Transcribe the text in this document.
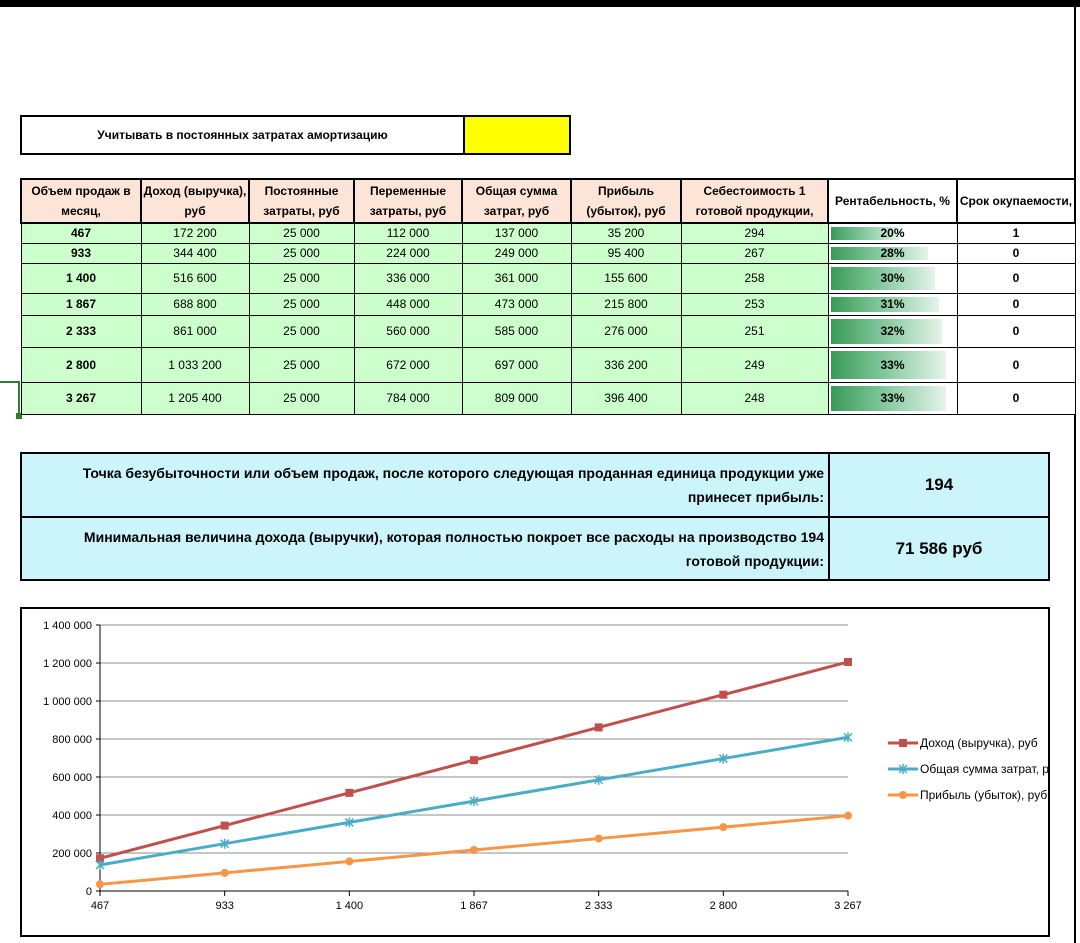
Учитывать в постоянных затратах амортизацию
Объем продаж в месяц,	Доход (выручка), руб	Постоянные затраты, руб	Переменные затраты, руб	Общая сумма затрат, руб	Прибыль (убыток), руб	Себестоимость 1 готовой продукции,	Рентабельность, %	Срок окупаемости,
467	172 200	25 000	112 000	137 000	35 200	294	20%	1
933	344 400	25 000	224 000	249 000	95 400	267	28%	0
1 400	516 600	25 000	336 000	361 000	155 600	258	30%	0
1 867	688 800	25 000	448 000	473 000	215 800	253	31%	0
2 333	861 000	25 000	560 000	585 000	276 000	251	32%	0
2 800	1 033 200	25 000	672 000	697 000	336 200	249	33%	0
3 267	1 205 400	25 000	784 000	809 000	396 400	248	33%	0
Точка безубыточности или объем продаж, после которого следующая проданная единица продукции уже принесет прибыль:
194
Минимальная величина дохода (выручки), которая полностью покроет все расходы на производство 194 готовой продукции:
71 586 руб
0
200 000
400 000
600 000
800 000
1 000 000
1 200 000
1 400 000
467	933	1 400	1 867	2 333	2 800	3 267
Доход (выручка), руб
Общая сумма затрат, руб
Прибыль (убыток), руб
